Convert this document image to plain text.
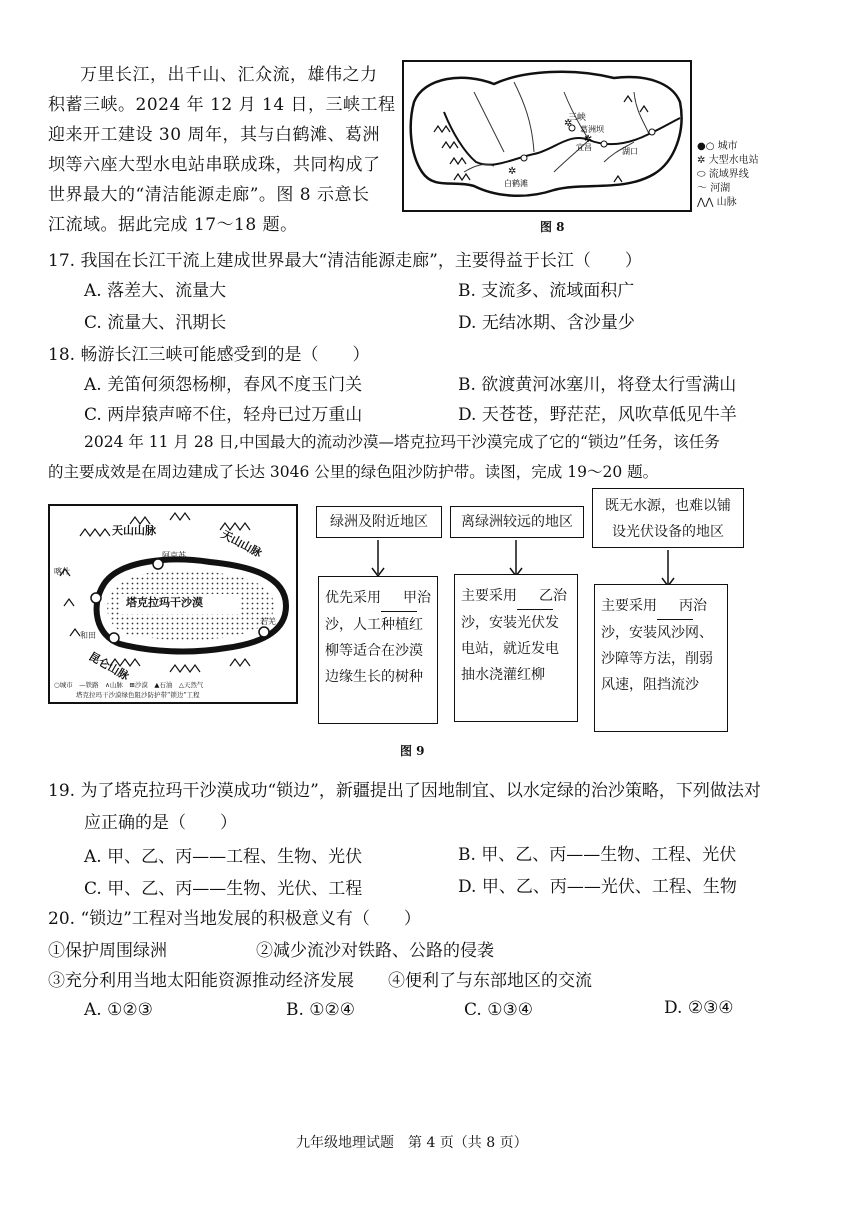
万里长江，出千山、汇众流，雄伟之力
积蓄三峡。2024 年 12 月 14 日，三峡工程
迎来开工建设 30 周年，其与白鹤滩、葛洲
坝等六座大型水电站串联成珠，共同构成了
世界最大的“清洁能源走廊”。图 8 示意长
江流域。据此完成 17～18 题。
✲
✲
✲
三峡
葛洲坝
宜昌	湖口
白鹤滩
●○ 城市
✲ 大型水电站
⬭ 流域界线
〜 河湖
⋀⋀ 山脉
图 8
17. 我国在长江干流上建成世界最大“清洁能源走廊”，主要得益于长江（　　）
A. 落差大、流量大	B. 支流多、流域面积广
C. 流量大、汛期长	D. 无结冰期、含沙量少
18. 畅游长江三峡可能感受到的是（　　）
A. 羌笛何须怨杨柳，春风不度玉门关	B. 欲渡黄河冰塞川，将登太行雪满山
C. 两岸猿声啼不住，轻舟已过万重山	D. 天苍苍，野茫茫，风吹草低见牛羊
2024 年 11 月 28 日,中国最大的流动沙漠—塔克拉玛干沙漠完成了它的“锁边”任务，该任务
的主要成效是在周边建成了长达 3046 公里的绿色阻沙防护带。读图，完成 19～20 题。
天山山脉	天山山脉
塔克拉玛干沙漠
昆仑山脉
喀什
和田
若羌
阿克苏
○城市　—铁路　∧山脉　⊞沙漠　▲石油　△天然气
塔克拉玛干沙漠绿色阻沙防护带“锁边”工程
绿洲及附近地区	离绿洲较远的地区
既无水源，也难以铺设光伏设备的地区
优先采用 甲治沙，人工种植红柳等适合在沙漠边缘生长的树种
主要采用 乙治沙，安装光伏发电站，就近发电抽水浇灌红柳
主要采用 丙治沙，安装风沙网、沙障等方法，削弱风速，阻挡流沙
图 9
19. 为了塔克拉玛干沙漠成功“锁边”，新疆提出了因地制宜、以水定绿的治沙策略，下列做法对
应正确的是（　　）
A. 甲、乙、丙——工程、生物、光伏	B. 甲、乙、丙——生物、工程、光伏
C. 甲、乙、丙——生物、光伏、工程	D. 甲、乙、丙——光伏、工程、生物
20. “锁边”工程对当地发展的积极意义有（　　）
①保护周围绿洲	②减少流沙对铁路、公路的侵袭
③充分利用当地太阳能资源推动经济发展 ④便利了与东部地区的交流
A. ①②③	B. ①②④	C. ①③④	D. ②③④
九年级地理试题　第 4 页（共 8 页）
